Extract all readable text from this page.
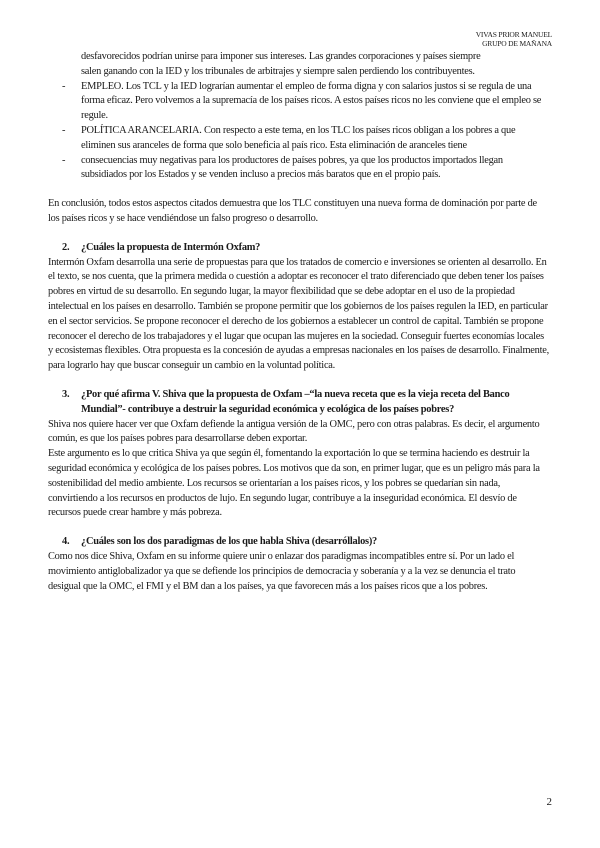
VIVAS PRIOR MANUEL
GRUPO DE MAÑANA
desfavorecidos podrían unirse para imponer sus intereses. Las grandes corporaciones y países siempre
salen ganando con la IED y los tribunales de arbitrajes y siempre salen perdiendo los contribuyentes.
- EMPLEO. Los TCL y la IED lograrían aumentar el empleo de forma digna y con salarios justos si se regula de una forma eficaz. Pero volvemos a la supremacía de los países ricos. A estos países ricos no les conviene que el empleo se regule.
- POLÍTICA ARANCELARIA. Con respecto a este tema, en los TLC los países ricos obligan a los pobres a que eliminen sus aranceles de forma que solo beneficia al país rico. Esta eliminación de aranceles tiene
- consecuencias muy negativas para los productores de países pobres, ya que los productos importados llegan subsidiados por los Estados y se venden incluso a precios más baratos que en el propio país.

En conclusión, todos estos aspectos citados demuestra que los TLC constituyen una nueva forma de dominación por parte de los países ricos y se hace vendiéndose un falso progreso o desarrollo.

2.	¿Cuáles la propuesta de Intermón Oxfam?

Intermón Oxfam desarrolla una serie de propuestas para que los tratados de comercio e inversiones se orienten al desarrollo. En el texto, se nos cuenta, que la primera medida o cuestión a adoptar es reconocer el trato diferenciado que deben tener los países pobres en virtud de su desarrollo. En segundo lugar, la mayor flexibilidad que se debe adoptar en el uso de la propiedad intelectual en los países en desarrollo. También se propone permitir que los gobiernos de los países regulen la IED, en particular en el sector servicios. Se propone reconocer el derecho de los gobiernos a establecer un control de capital. También se propone reconocer el derecho de los trabajadores y el lugar que ocupan las mujeres en la sociedad. Conseguir fuertes economías locales y ecosistemas flexibles. Otra propuesta es la concesión de ayudas a empresas nacionales en los países de desarrollo. Finalmente, para lograrlo hay que buscar conseguir un cambio en la voluntad política.

3.	¿Por qué afirma V. Shiva que la propuesta de Oxfam –“la nueva receta que es la vieja receta del Banco Mundial”- contribuye a destruir la seguridad económica y ecológica de los países pobres?

Shiva nos quiere hacer ver que Oxfam defiende la antigua versión de la OMC, pero con otras palabras. Es decir, el argumento común, es que los países pobres para desarrollarse deben exportar.

Este argumento es lo que critica Shiva ya que según él, fomentando la exportación lo que se termina haciendo es destruir la seguridad económica y ecológica de los países pobres. Los motivos que da son, en primer lugar, que es un peligro más para la sostenibilidad del medio ambiente. Los recursos se orientarían a los países ricos, y los pobres se quedarían sin nada, convirtiendo a los recursos en productos de lujo. En segundo lugar, contribuye a la inseguridad económica. El desvío de recursos puede crear hambre y más pobreza.

4.	¿Cuáles son los dos paradigmas de los que habla Shiva (desarróllalos)?

Como nos dice Shiva, Oxfam en su informe quiere unir o enlazar dos paradigmas incompatibles entre sí. Por un lado el movimiento antiglobalizador ya que se defiende los principios de democracia y soberanía y a la vez se denuncia el trato desigual que la OMC, el FMI y el BM dan a los países, ya que favorecen más a los países ricos que a los pobres.

2
